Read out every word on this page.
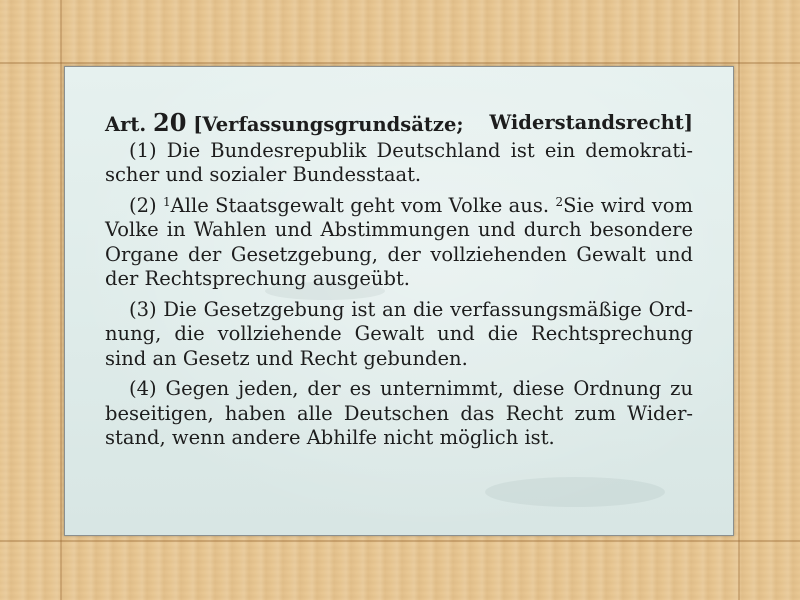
Art. 20 [Verfassungsgrundsätze; Widerstandsrecht]

(1) Die Bundesrepublik Deutschland ist ein demokratischer und sozialer Bundesstaat.

(2) $^1$Alle Staatsgewalt geht vom Volke aus. $^2$Sie wird vom Volke in Wahlen und Abstimmungen und durch besondere Organe der Gesetzgebung, der vollziehenden Gewalt und der Rechtsprechung ausgeübt.

(3) Die Gesetzgebung ist an die verfassungsmäßige Ordnung, die vollziehende Gewalt und die Rechtsprechung sind an Gesetz und Recht gebunden.

(4) Gegen jeden, der es unternimmt, diese Ordnung zu beseitigen, haben alle Deutschen das Recht zum Widerstand, wenn andere Abhilfe nicht möglich ist.
